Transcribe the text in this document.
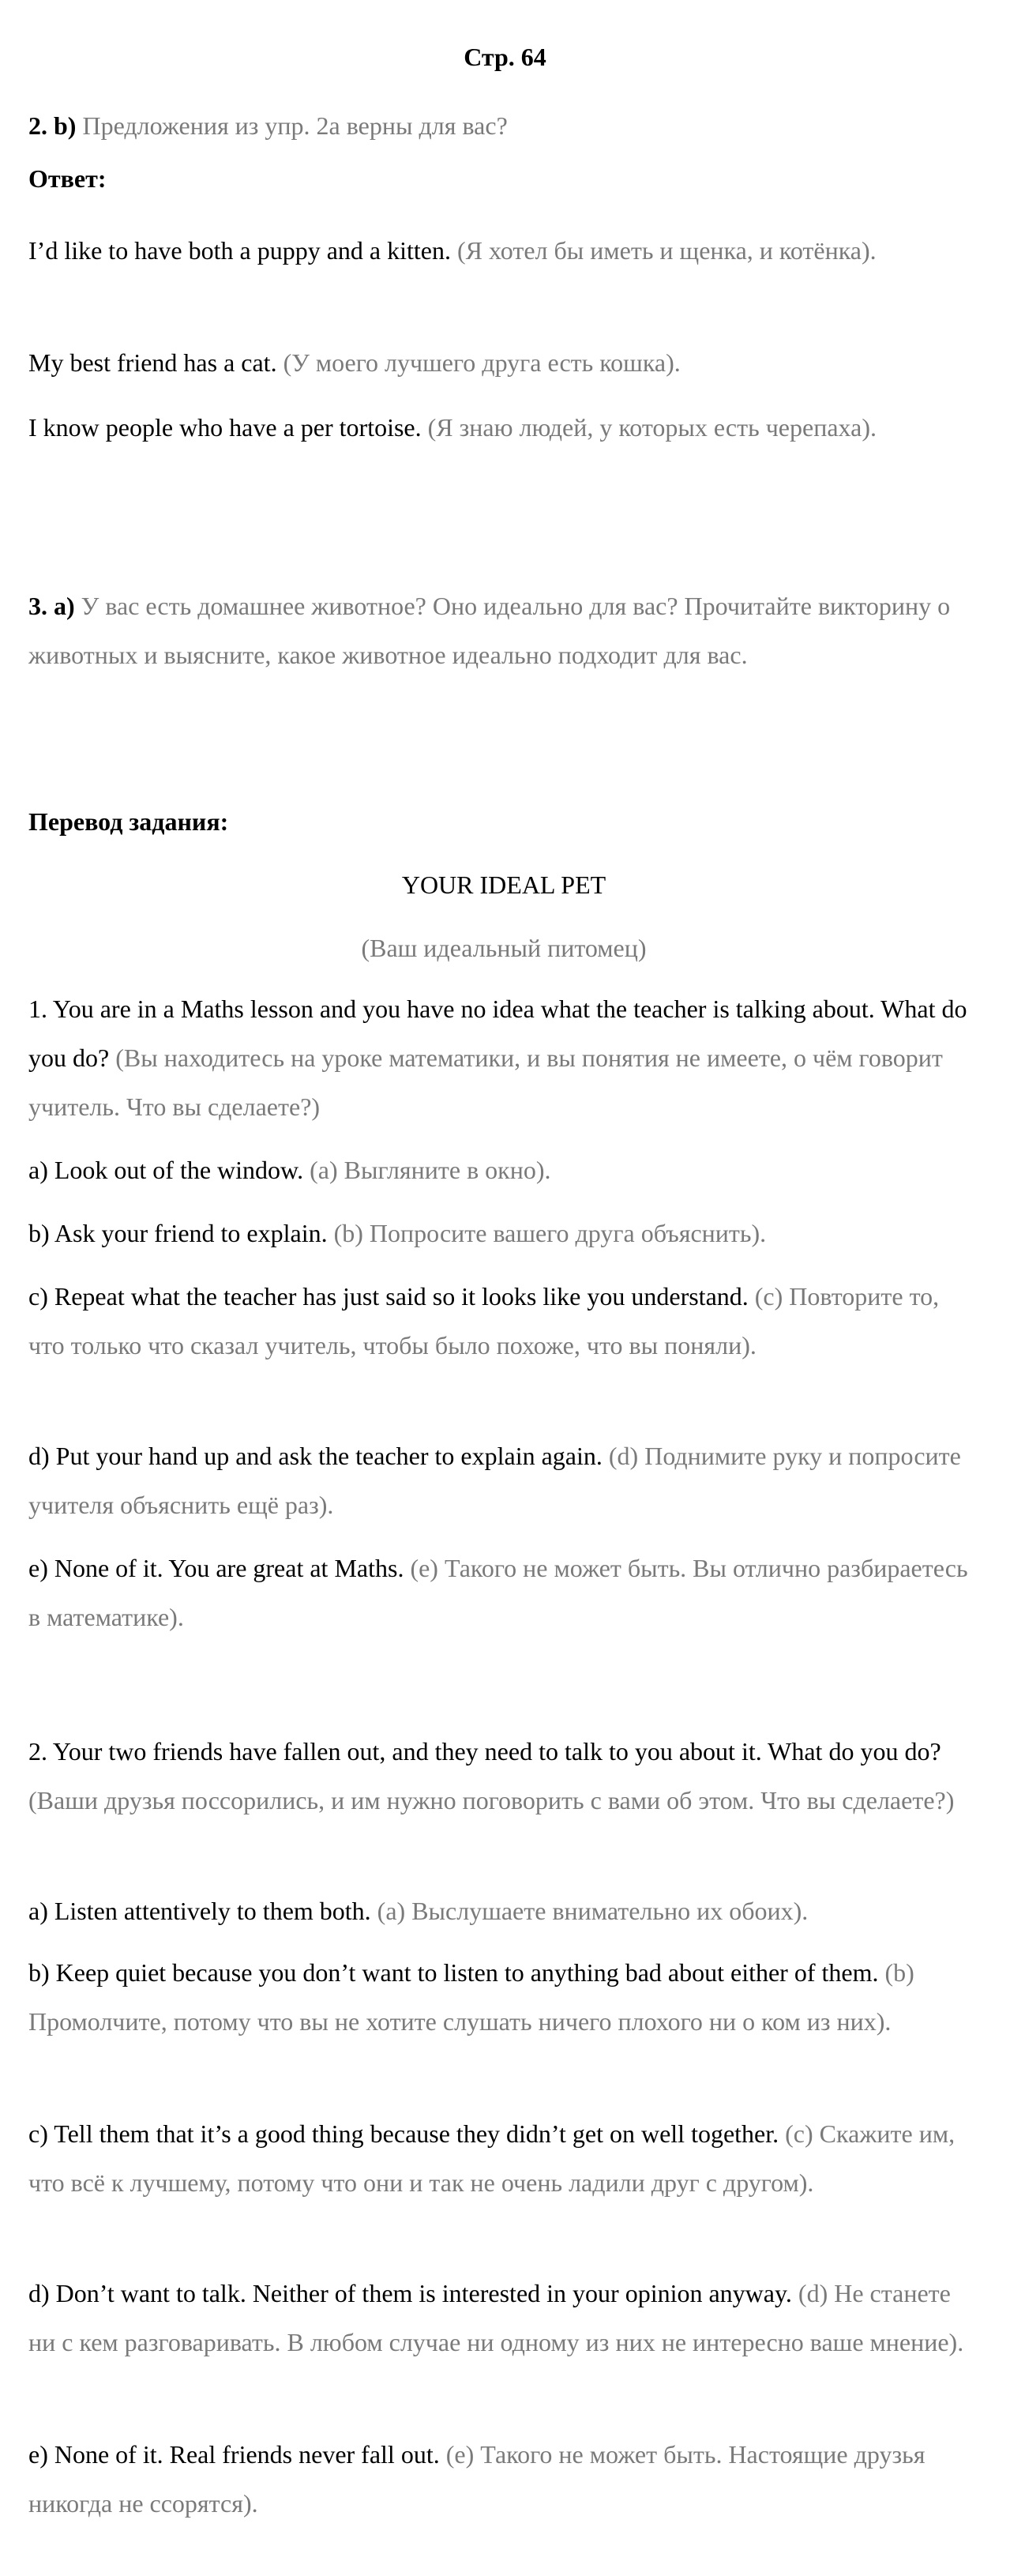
Стр. 64

2. b) Предложения из упр. 2a верны для вас?

Ответ:

I’d like to have both a puppy and a kitten. (Я хотел бы иметь и щенка, и котёнка).

My best friend has a cat. (У моего лучшего друга есть кошка).

I know people who have a per tortoise. (Я знаю людей, у которых есть черепаха).

3. a) У вас есть домашнее животное? Оно идеально для вас? Прочитайте викторину о животных и выясните, какое животное идеально подходит для вас.

Перевод задания:

YOUR IDEAL PET

(Ваш идеальный питомец)

1. You are in a Maths lesson and you have no idea what the teacher is talking about. What do you do? (Вы находитесь на уроке математики, и вы понятия не имеете, о чём говорит учитель. Что вы сделаете?)

a) Look out of the window. (a) Выгляните в окно).

b) Ask your friend to explain. (b) Попросите вашего друга объяснить).

c) Repeat what the teacher has just said so it looks like you understand. (c) Повторите то, что только что сказал учитель, чтобы было похоже, что вы поняли).

d) Put your hand up and ask the teacher to explain again. (d) Поднимите руку и попросите учителя объяснить ещё раз).

e) None of it. You are great at Maths. (e) Такого не может быть. Вы отлично разбираетесь в математике).

2. Your two friends have fallen out, and they need to talk to you about it. What do you do? (Ваши друзья поссорились, и им нужно поговорить с вами об этом. Что вы сделаете?)

a) Listen attentively to them both. (a) Выслушаете внимательно их обоих).

b) Keep quiet because you don’t want to listen to anything bad about either of them. (b) Промолчите, потому что вы не хотите слушать ничего плохого ни о ком из них).

c) Tell them that it’s a good thing because they didn’t get on well together. (c) Скажите им, что всё к лучшему, потому что они и так не очень ладили друг с другом).

d) Don’t want to talk. Neither of them is interested in your opinion anyway. (d) Не станете ни с кем разговаривать. В любом случае ни одному из них не интересно ваше мнение).

e) None of it. Real friends never fall out. (e) Такого не может быть. Настоящие друзья никогда не ссорятся).
